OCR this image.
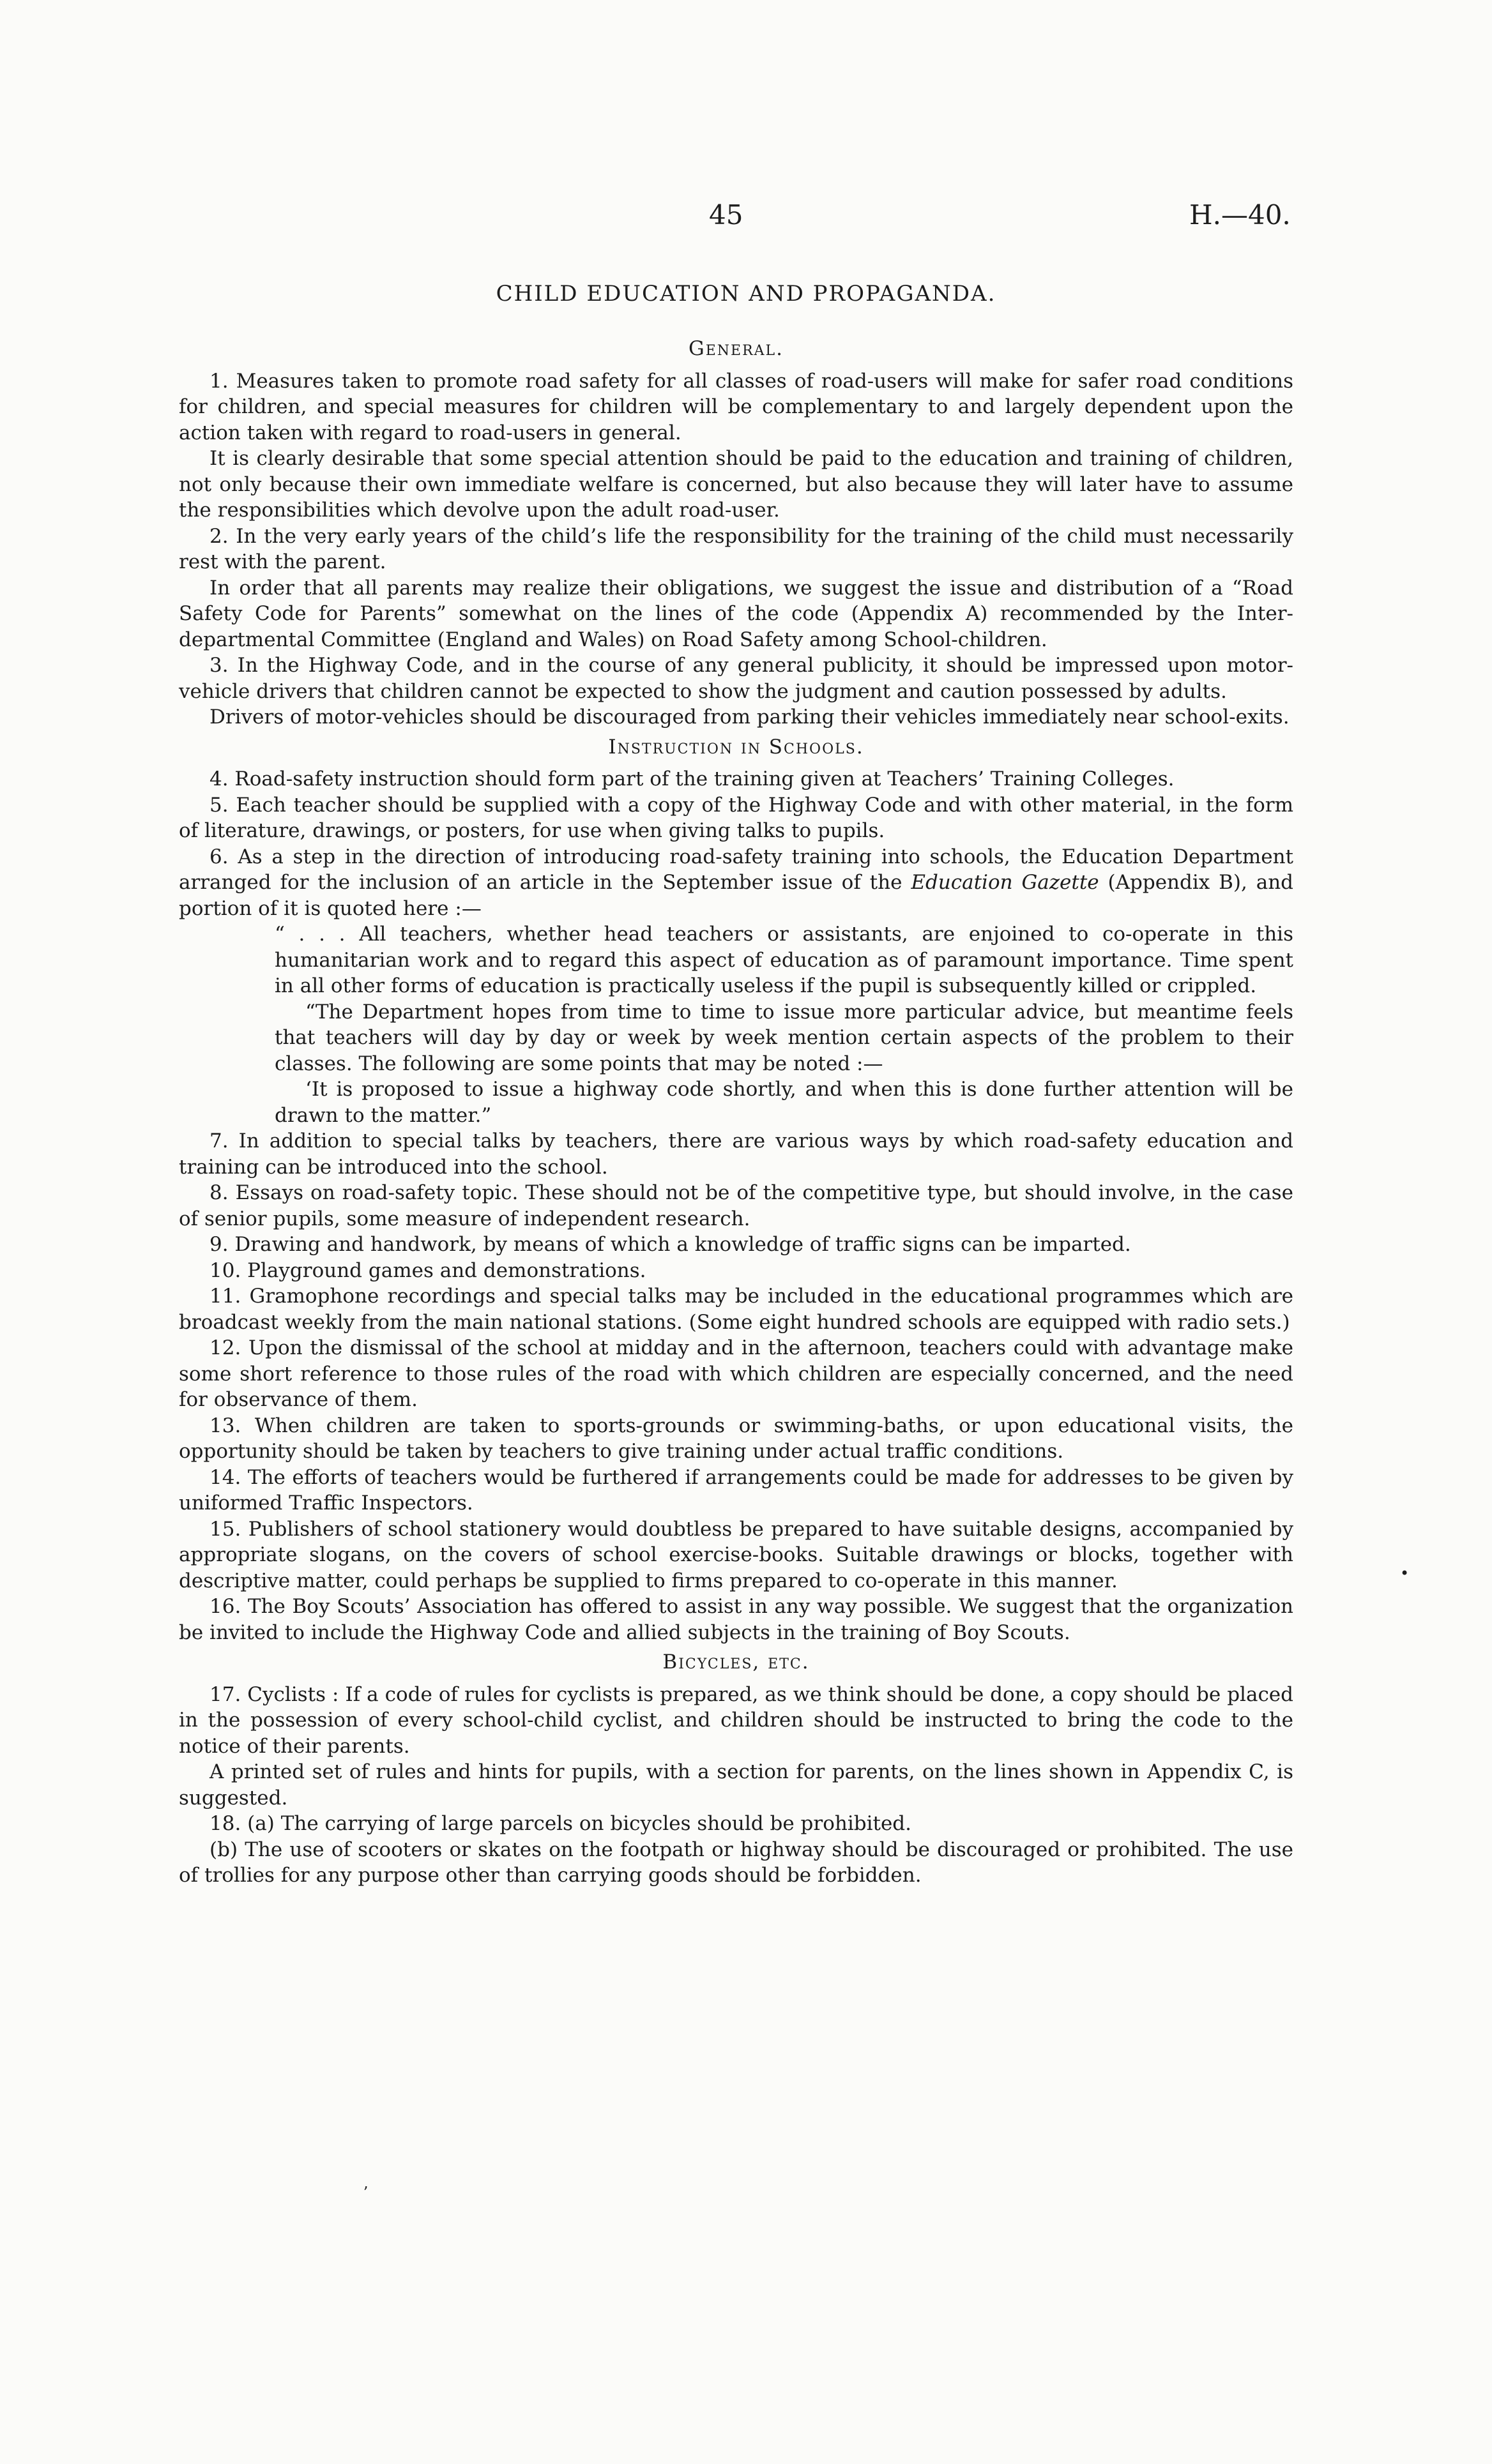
45	H.—40.
CHILD EDUCATION AND PROPAGANDA.
General.

1. Measures taken to promote road safety for all classes of road-users will make for safer road conditions for children, and special measures for children will be complementary to and largely dependent upon the action taken with regard to road-users in general.

It is clearly desirable that some special attention should be paid to the education and training of children, not only because their own immediate welfare is concerned, but also because they will later have to assume the responsibilities which devolve upon the adult road-user.

2. In the very early years of the child’s life the responsibility for the training of the child must necessarily rest with the parent.

In order that all parents may realize their obligations, we suggest the issue and distribution of a “Road Safety Code for Parents” somewhat on the lines of the code (Appendix A) recommended by the Inter-departmental Committee (England and Wales) on Road Safety among School-children.

3. In the Highway Code, and in the course of any general publicity, it should be impressed upon motor-vehicle drivers that children cannot be expected to show the judgment and caution possessed by adults.

Drivers of motor-vehicles should be discouraged from parking their vehicles immediately near school-exits.

Instruction in Schools.

4. Road-safety instruction should form part of the training given at Teachers’ Training Colleges.

5. Each teacher should be supplied with a copy of the Highway Code and with other material, in the form of literature, drawings, or posters, for use when giving talks to pupils.

6. As a step in the direction of introducing road-safety training into schools, the Education Department arranged for the inclusion of an article in the September issue of the Education Gazette (Appendix B), and portion of it is quoted here :—

“ . . . All teachers, whether head teachers or assistants, are enjoined to co-operate in this humanitarian work and to regard this aspect of education as of paramount importance. Time spent in all other forms of education is practically useless if the pupil is subsequently killed or crippled.

“The Department hopes from time to time to issue more particular advice, but meantime feels that teachers will day by day or week by week mention certain aspects of the problem to their classes. The following are some points that may be noted :—

‘It is proposed to issue a highway code shortly, and when this is done further attention will be drawn to the matter.”

7. In addition to special talks by teachers, there are various ways by which road-safety education and training can be introduced into the school.

8. Essays on road-safety topic. These should not be of the competitive type, but should involve, in the case of senior pupils, some measure of independent research.

9. Drawing and handwork, by means of which a knowledge of traffic signs can be imparted.

10. Playground games and demonstrations.

11. Gramophone recordings and special talks may be included in the educational programmes which are broadcast weekly from the main national stations. (Some eight hundred schools are equipped with radio sets.)

12. Upon the dismissal of the school at midday and in the afternoon, teachers could with advantage make some short reference to those rules of the road with which children are especially concerned, and the need for observance of them.

13. When children are taken to sports-grounds or swimming-baths, or upon educational visits, the opportunity should be taken by teachers to give training under actual traffic conditions.

14. The efforts of teachers would be furthered if arrangements could be made for addresses to be given by uniformed Traffic Inspectors.

15. Publishers of school stationery would doubtless be prepared to have suitable designs, accompanied by appropriate slogans, on the covers of school exercise-books. Suitable drawings or blocks, together with descriptive matter, could perhaps be supplied to firms prepared to co-operate in this manner.

16. The Boy Scouts’ Association has offered to assist in any way possible. We suggest that the organization be invited to include the Highway Code and allied subjects in the training of Boy Scouts.

Bicycles, etc.

17. Cyclists : If a code of rules for cyclists is prepared, as we think should be done, a copy should be placed in the possession of every school-child cyclist, and children should be instructed to bring the code to the notice of their parents.

A printed set of rules and hints for pupils, with a section for parents, on the lines shown in Appendix C, is suggested.

18. (a) The carrying of large parcels on bicycles should be prohibited.

(b) The use of scooters or skates on the footpath or highway should be discouraged or prohibited. The use of trollies for any purpose other than carrying goods should be forbidden.

•
ʼ
